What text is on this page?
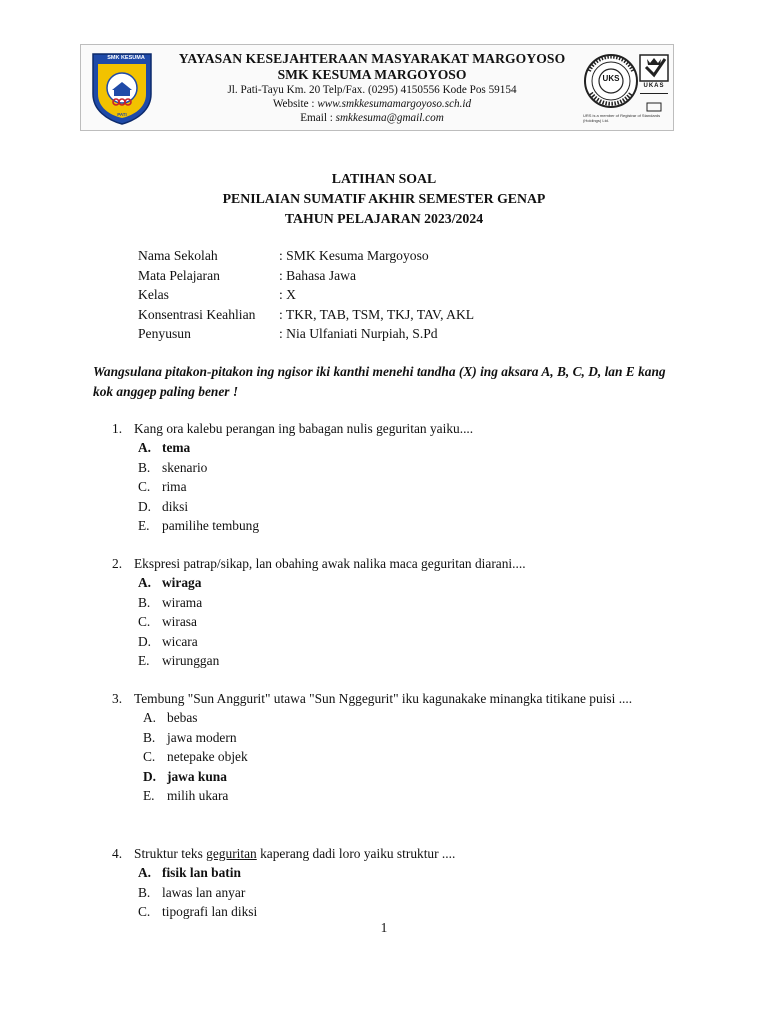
SMK KESUMA
PATI
YAYASAN KESEJAHTERAAN MASYARAKAT MARGOYOSO
SMK KESUMA MARGOYOSO
Jl. Pati-Tayu Km. 20 Telp/Fax. (0295) 4150556 Kode Pos 59154
Website : www.smkkesumamargoyoso.sch.id
Email : smkkesuma@gmail.com
UKS
UKAS
URS is a member of Registrar of Standards (Holdings) Ltd.
LATIHAN SOAL
PENILAIAN SUMATIF AKHIR SEMESTER GENAP
TAHUN PELAJARAN 2023/2024
Nama Sekolah	: SMK Kesuma Margoyoso
Mata Pelajaran	: Bahasa Jawa
Kelas	: X
Konsentrasi Keahlian : TKR, TAB, TSM, TKJ, TAV, AKL
Penyusun	: Nia Ulfaniati Nurpiah, S.Pd
Wangsulana pitakon-pitakon ing ngisor iki kanthi menehi tandha (X) ing aksara A, B, C, D, lan E kang kok anggep paling bener !
1. Kang ora kalebu perangan ing babagan nulis geguritan yaiku....
A. tema
B. skenario
C. rima
D. diksi
E. pamilihe tembung
2. Ekspresi patrap/sikap, lan obahing awak nalika maca geguritan diarani....
A. wiraga
B. wirama
C. wirasa
D. wicara
E. wirunggan
3. Tembung "Sun Anggurit" utawa "Sun Nggegurit" iku kagunakake minangka titikane puisi ....
A. bebas
B. jawa modern
C. netepake objek
D. jawa kuna
E. milih ukara
4. Struktur teks geguritan kaperang dadi loro yaiku struktur ....
A. fisik lan batin
B. lawas lan anyar
C. tipografi lan diksi
1
